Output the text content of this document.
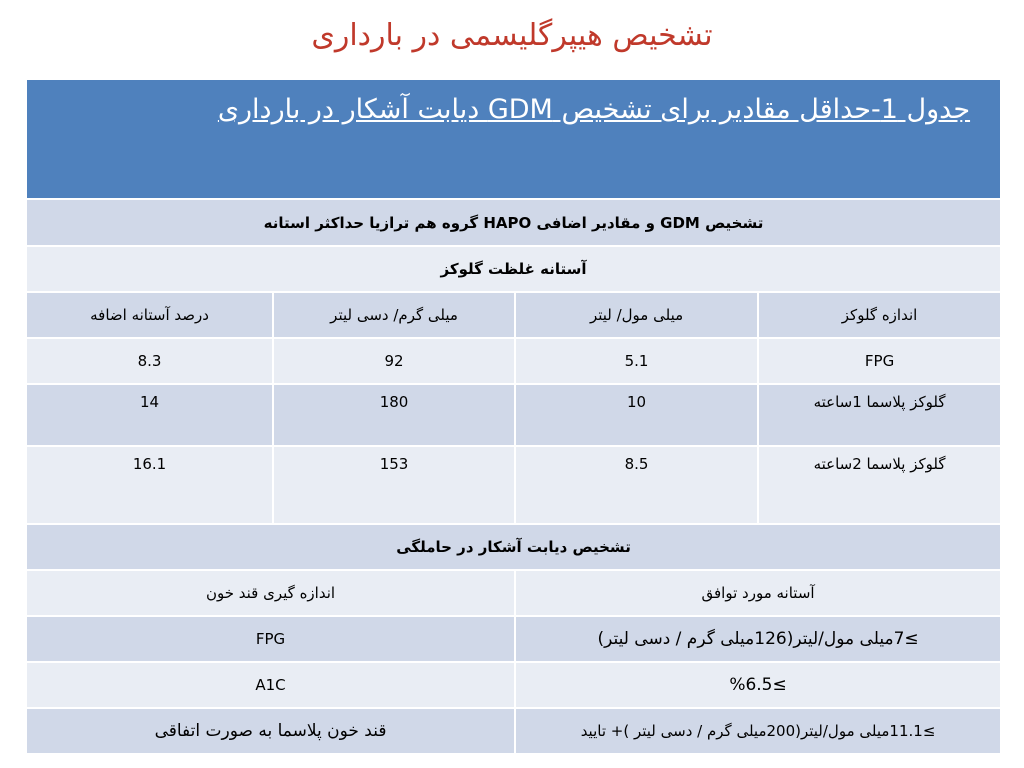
تشخیص هیپرگلیسمی در بارداری
جدول 1-حداقل مقادیر برای تشخیص GDM دیابت آشکار در بارداری			
تشخیص GDM و مقادیر اضافی HAPO گروه هم ترازیا حداکثر استانه			
آستانه غلظت گلوکز			
اندازه گلوکز	میلی مول/ لیتر	میلی گرم/ دسی لیتر	درصد آستانه اضافه
FPG	5.1	92	8.3
گلوکز پلاسما 1ساعته	10	180	14
گلوکز پلاسما 2ساعته	8.5	153	16.1
تشخیص دیابت آشکار در حاملگی			
آستانه مورد توافق		اندازه گیری قند خون	
≥7میلی مول/لیتر(126میلی گرم / دسی لیتر)		FPG	
≥%6.5		A1C	
≥11.1میلی مول/لیتر(200میلی گرم / دسی لیتر )+ تایید		قند خون پلاسما به صورت اتفاقی	
